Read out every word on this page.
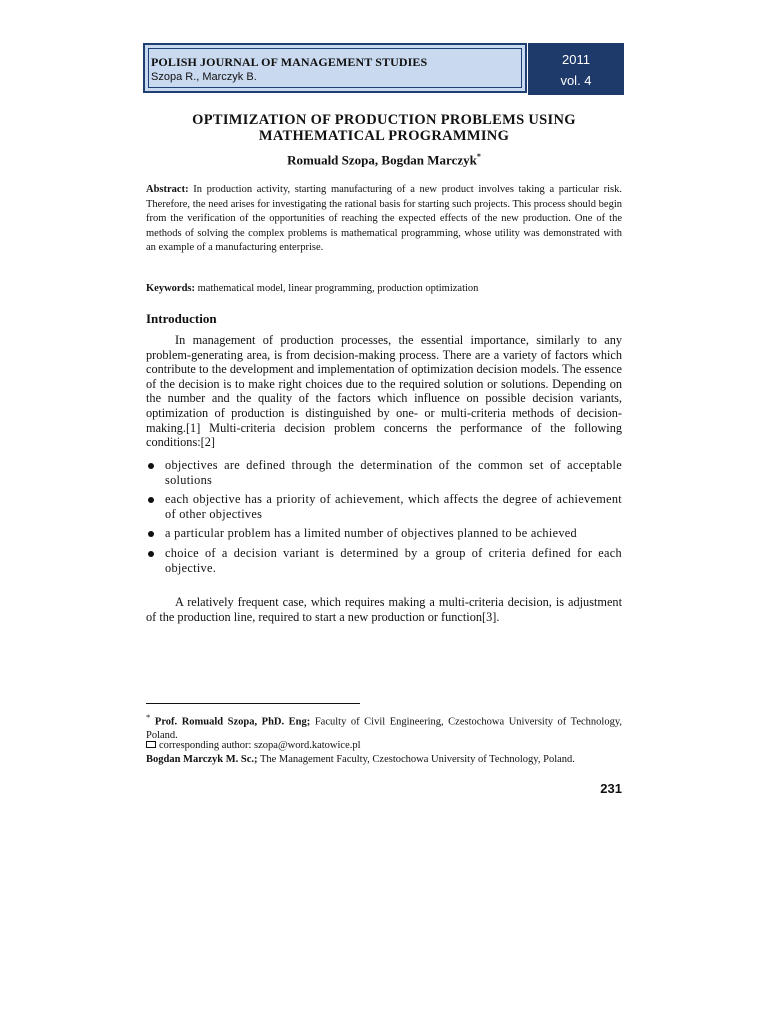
POLISH JOURNAL OF MANAGEMENT STUDIES
Szopa R., Marczyk B.
2011
vol. 4
OPTIMIZATION OF PRODUCTION PROBLEMS USING MATHEMATICAL PROGRAMMING
Romuald Szopa, Bogdan Marczyk*
Abstract: In production activity, starting manufacturing of a new product involves taking a particular risk. Therefore, the need arises for investigating the rational basis for starting such projects. This process should begin from the verification of the opportunities of reaching the expected effects of the new production. One of the methods of solving the complex problems is mathematical programming, whose utility was demonstrated with an example of a manufacturing enterprise.
Keywords: mathematical model, linear programming, production optimization
Introduction
In management of production processes, the essential importance, similarly to any problem-generating area, is from decision-making process. There are a variety of factors which contribute to the development and implementation of optimization decision models. The essence of the decision is to make right choices due to the required solution or solutions. Depending on the number and the quality of the factors which influence on possible decision variants, optimization of production is distinguished by one- or multi-criteria methods of decision-making.[1] Multi-criteria decision problem concerns the performance of the following conditions:[2]
objectives are defined through the determination of the common set of acceptable solutions
each objective has a priority of achievement, which affects the degree of achievement of other objectives
a particular problem has a limited number of objectives planned to be achieved
choice of a decision variant is determined by a group of criteria defined for each objective.
A relatively frequent case, which requires making a multi-criteria decision, is adjustment of the production line, required to start a new production or function[3].
* Prof. Romuald Szopa, PhD. Eng; Faculty of Civil Engineering, Czestochowa University of Technology, Poland.
corresponding author: szopa@word.katowice.pl
Bogdan Marczyk M. Sc.; The Management Faculty, Czestochowa University of Technology, Poland.
231
